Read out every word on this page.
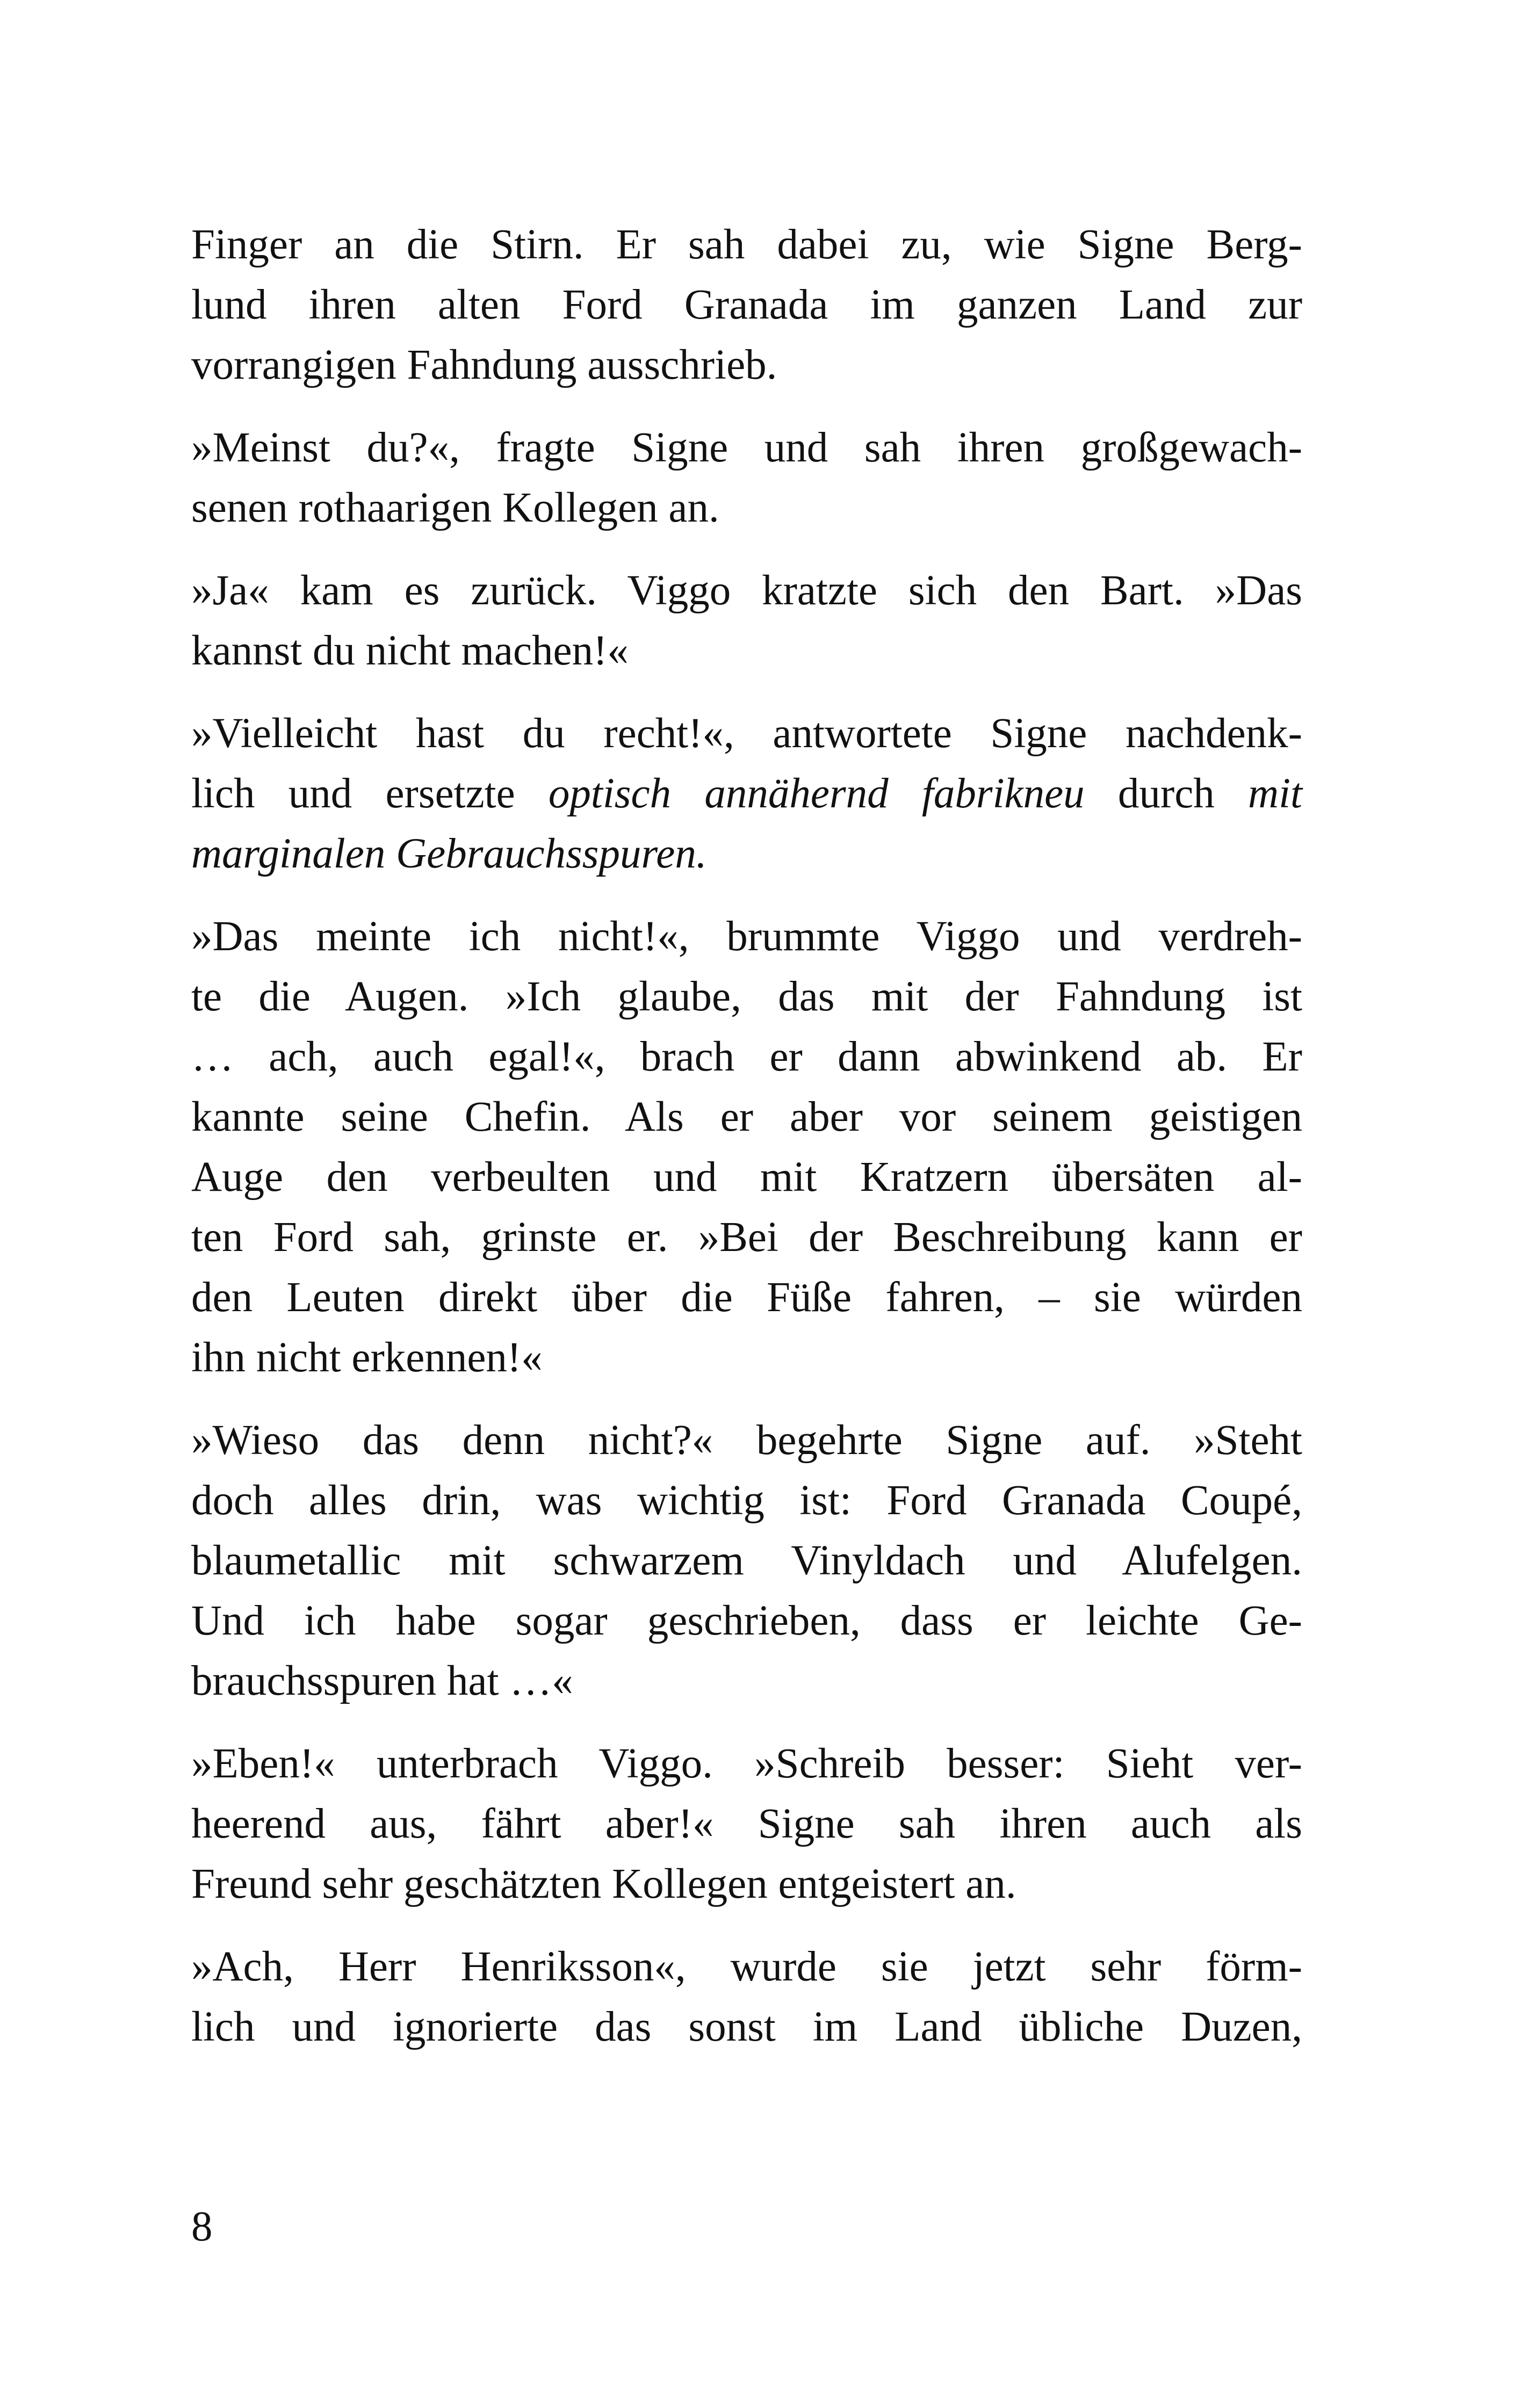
Finger an die Stirn. Er sah dabei zu, wie Signe Berg-
lund ihren alten Ford Granada im ganzen Land zur
vorrangigen Fahndung ausschrieb.
»Meinst du?«, fragte Signe und sah ihren großgewach-
senen rothaarigen Kollegen an.
»Ja« kam es zurück. Viggo kratzte sich den Bart. »Das
kannst du nicht machen!«
»Vielleicht hast du recht!«, antwortete Signe nachdenk-
lich und ersetzte optisch annähernd fabrikneu durch mit
marginalen Gebrauchsspuren.
»Das meinte ich nicht!«, brummte Viggo und verdreh-
te die Augen. »Ich glaube, das mit der Fahndung ist
… ach, auch egal!«, brach er dann abwinkend ab. Er
kannte seine Chefin. Als er aber vor seinem geistigen
Auge den verbeulten und mit Kratzern übersäten al-
ten Ford sah, grinste er. »Bei der Beschreibung kann er
den Leuten direkt über die Füße fahren, – sie würden
ihn nicht erkennen!«
»Wieso das denn nicht?« begehrte Signe auf. »Steht
doch alles drin, was wichtig ist: Ford Granada Coupé,
blaumetallic mit schwarzem Vinyldach und Alufelgen.
Und ich habe sogar geschrieben, dass er leichte Ge-
brauchsspuren hat …«
»Eben!« unterbrach Viggo. »Schreib besser: Sieht ver-
heerend aus, fährt aber!« Signe sah ihren auch als
Freund sehr geschätzten Kollegen entgeistert an.
»Ach, Herr Henriksson«, wurde sie jetzt sehr förm-
lich und ignorierte das sonst im Land übliche Duzen,
8
